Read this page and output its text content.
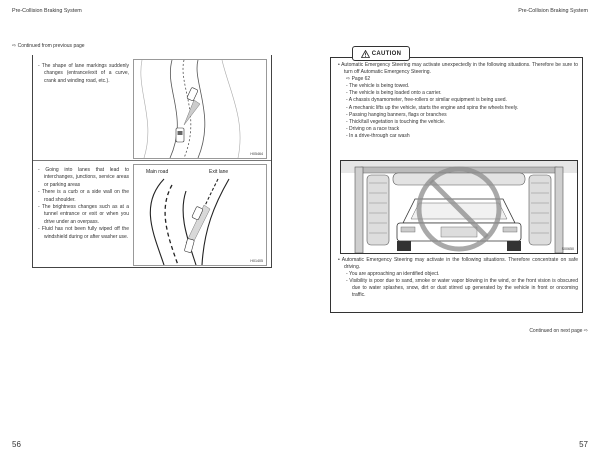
Pre-Collision Braking System
56
⇨ Continued from previous page

- The shape of lane markings suddenly changes (entrance/exit of a curve, crank and winding road, etc.).

H05464

- Going into lanes that lead to interchanges, junctions, service areas or parking areas

- There is a curb or a side wall on the road shoulder.

- The brightness changes such as at a tunnel entrance or exit or when you drive under an overpass.

- Fluid has not been fully wiped off the windshield during or after washer use.

Main road	Exit lane
H01405
Pre-Collision Braking System
57
CAUTION

• Automatic Emergency Steering may activate unexpectedly in the following situations. Therefore be sure to turn off Automatic Emergency Steering.

⇨ Page 62

- The vehicle is being towed.

- The vehicle is being loaded onto a carrier.

- A chassis dynamometer, free-rollers or similar equipment is being used.

- A mechanic lifts up the vehicle, starts the engine and spins the wheels freely.

- Passing hanging banners, flags or branches

- Thick/tall vegetation is touching the vehicle.

- Driving on a race track

- In a drive-through car wash

S00650

• Automatic Emergency Steering may activate in the following situations. Therefore concentrate on safe driving.

- You are approaching an identified object.

- Visibility is poor due to sand, smoke or water vapor blowing in the wind, or the front vision is obscured due to water splashes, snow, dirt or dust stirred up generated by the vehicle in front or oncoming traffic.

Continued on next page ⇨
